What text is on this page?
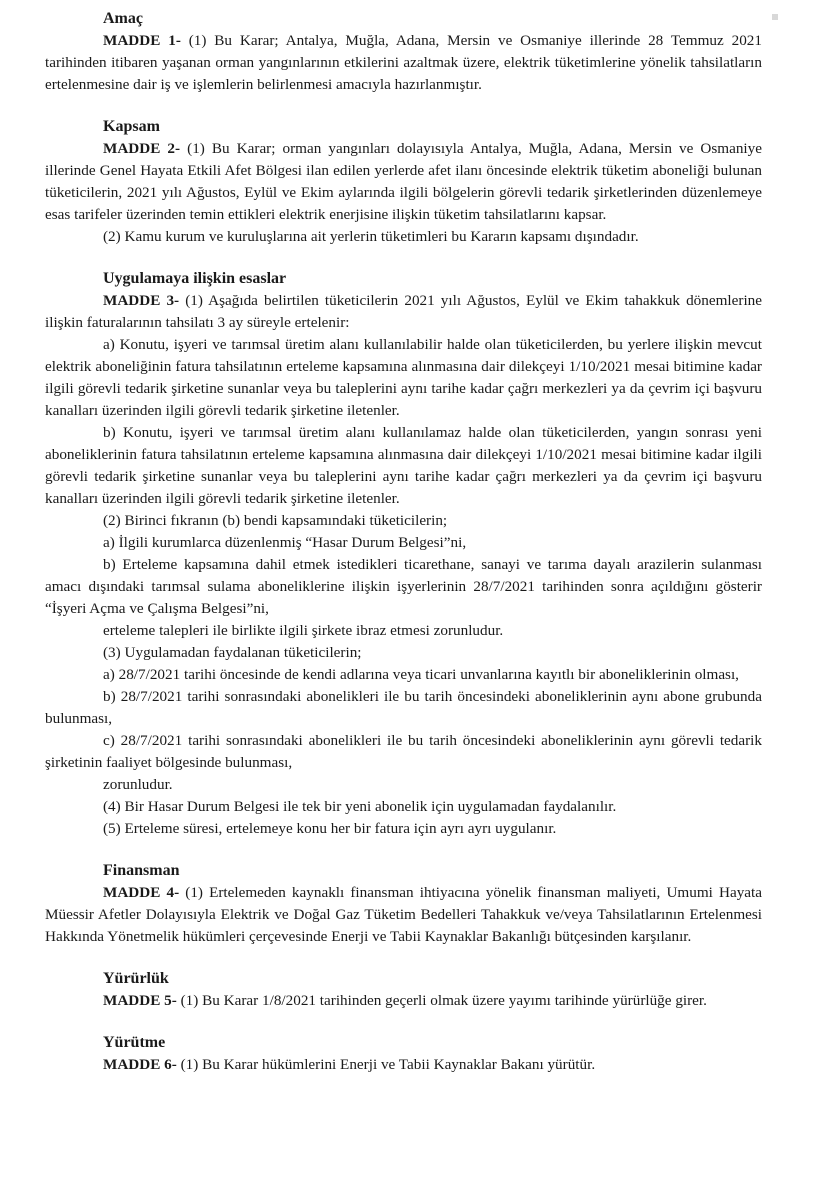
Amaç

MADDE 1- (1) Bu Karar; Antalya, Muğla, Adana, Mersin ve Osmaniye illerinde 28 Temmuz 2021 tarihinden itibaren yaşanan orman yangınlarının etkilerini azaltmak üzere, elektrik tüketimlerine yönelik tahsilatların ertelenmesine dair iş ve işlemlerin belirlenmesi amacıyla hazırlanmıştır.

Kapsam

MADDE 2- (1) Bu Karar; orman yangınları dolayısıyla Antalya, Muğla, Adana, Mersin ve Osmaniye illerinde Genel Hayata Etkili Afet Bölgesi ilan edilen yerlerde afet ilanı öncesinde elektrik tüketim aboneliği bulunan tüketicilerin, 2021 yılı Ağustos, Eylül ve Ekim aylarında ilgili bölgelerin görevli tedarik şirketlerinden düzenlemeye esas tarifeler üzerinden temin ettikleri elektrik enerjisine ilişkin tüketim tahsilatlarını kapsar.

(2) Kamu kurum ve kuruluşlarına ait yerlerin tüketimleri bu Kararın kapsamı dışındadır.

Uygulamaya ilişkin esaslar

MADDE 3- (1) Aşağıda belirtilen tüketicilerin 2021 yılı Ağustos, Eylül ve Ekim tahakkuk dönemlerine ilişkin faturalarının tahsilatı 3 ay süreyle ertelenir:

a) Konutu, işyeri ve tarımsal üretim alanı kullanılabilir halde olan tüketicilerden, bu yerlere ilişkin mevcut elektrik aboneliğinin fatura tahsilatının erteleme kapsamına alınmasına dair dilekçeyi 1/10/2021 mesai bitimine kadar ilgili görevli tedarik şirketine sunanlar veya bu taleplerini aynı tarihe kadar çağrı merkezleri ya da çevrim içi başvuru kanalları üzerinden ilgili görevli tedarik şirketine iletenler.

b) Konutu, işyeri ve tarımsal üretim alanı kullanılamaz halde olan tüketicilerden, yangın sonrası yeni aboneliklerinin fatura tahsilatının erteleme kapsamına alınmasına dair dilekçeyi 1/10/2021 mesai bitimine kadar ilgili görevli tedarik şirketine sunanlar veya bu taleplerini aynı tarihe kadar çağrı merkezleri ya da çevrim içi başvuru kanalları üzerinden ilgili görevli tedarik şirketine iletenler.

(2) Birinci fıkranın (b) bendi kapsamındaki tüketicilerin;

a) İlgili kurumlarca düzenlenmiş “Hasar Durum Belgesi”ni,

b) Erteleme kapsamına dahil etmek istedikleri ticarethane, sanayi ve tarıma dayalı arazilerin sulanması amacı dışındaki tarımsal sulama aboneliklerine ilişkin işyerlerinin 28/7/2021 tarihinden sonra açıldığını gösterir “İşyeri Açma ve Çalışma Belgesi”ni,

erteleme talepleri ile birlikte ilgili şirkete ibraz etmesi zorunludur.

(3) Uygulamadan faydalanan tüketicilerin;

a) 28/7/2021 tarihi öncesinde de kendi adlarına veya ticari unvanlarına kayıtlı bir aboneliklerinin olması,

b) 28/7/2021 tarihi sonrasındaki abonelikleri ile bu tarih öncesindeki aboneliklerinin aynı abone grubunda bulunması,

c) 28/7/2021 tarihi sonrasındaki abonelikleri ile bu tarih öncesindeki aboneliklerinin aynı görevli tedarik şirketinin faaliyet bölgesinde bulunması,

zorunludur.

(4) Bir Hasar Durum Belgesi ile tek bir yeni abonelik için uygulamadan faydalanılır.

(5) Erteleme süresi, ertelemeye konu her bir fatura için ayrı ayrı uygulanır.

Finansman

MADDE 4- (1) Ertelemeden kaynaklı finansman ihtiyacına yönelik finansman maliyeti, Umumi Hayata Müessir Afetler Dolayısıyla Elektrik ve Doğal Gaz Tüketim Bedelleri Tahakkuk ve/veya Tahsilatlarının Ertelenmesi Hakkında Yönetmelik hükümleri çerçevesinde Enerji ve Tabii Kaynaklar Bakanlığı bütçesinden karşılanır.

Yürürlük

MADDE 5- (1) Bu Karar 1/8/2021 tarihinden geçerli olmak üzere yayımı tarihinde yürürlüğe girer.

Yürütme

MADDE 6- (1) Bu Karar hükümlerini Enerji ve Tabii Kaynaklar Bakanı yürütür.
